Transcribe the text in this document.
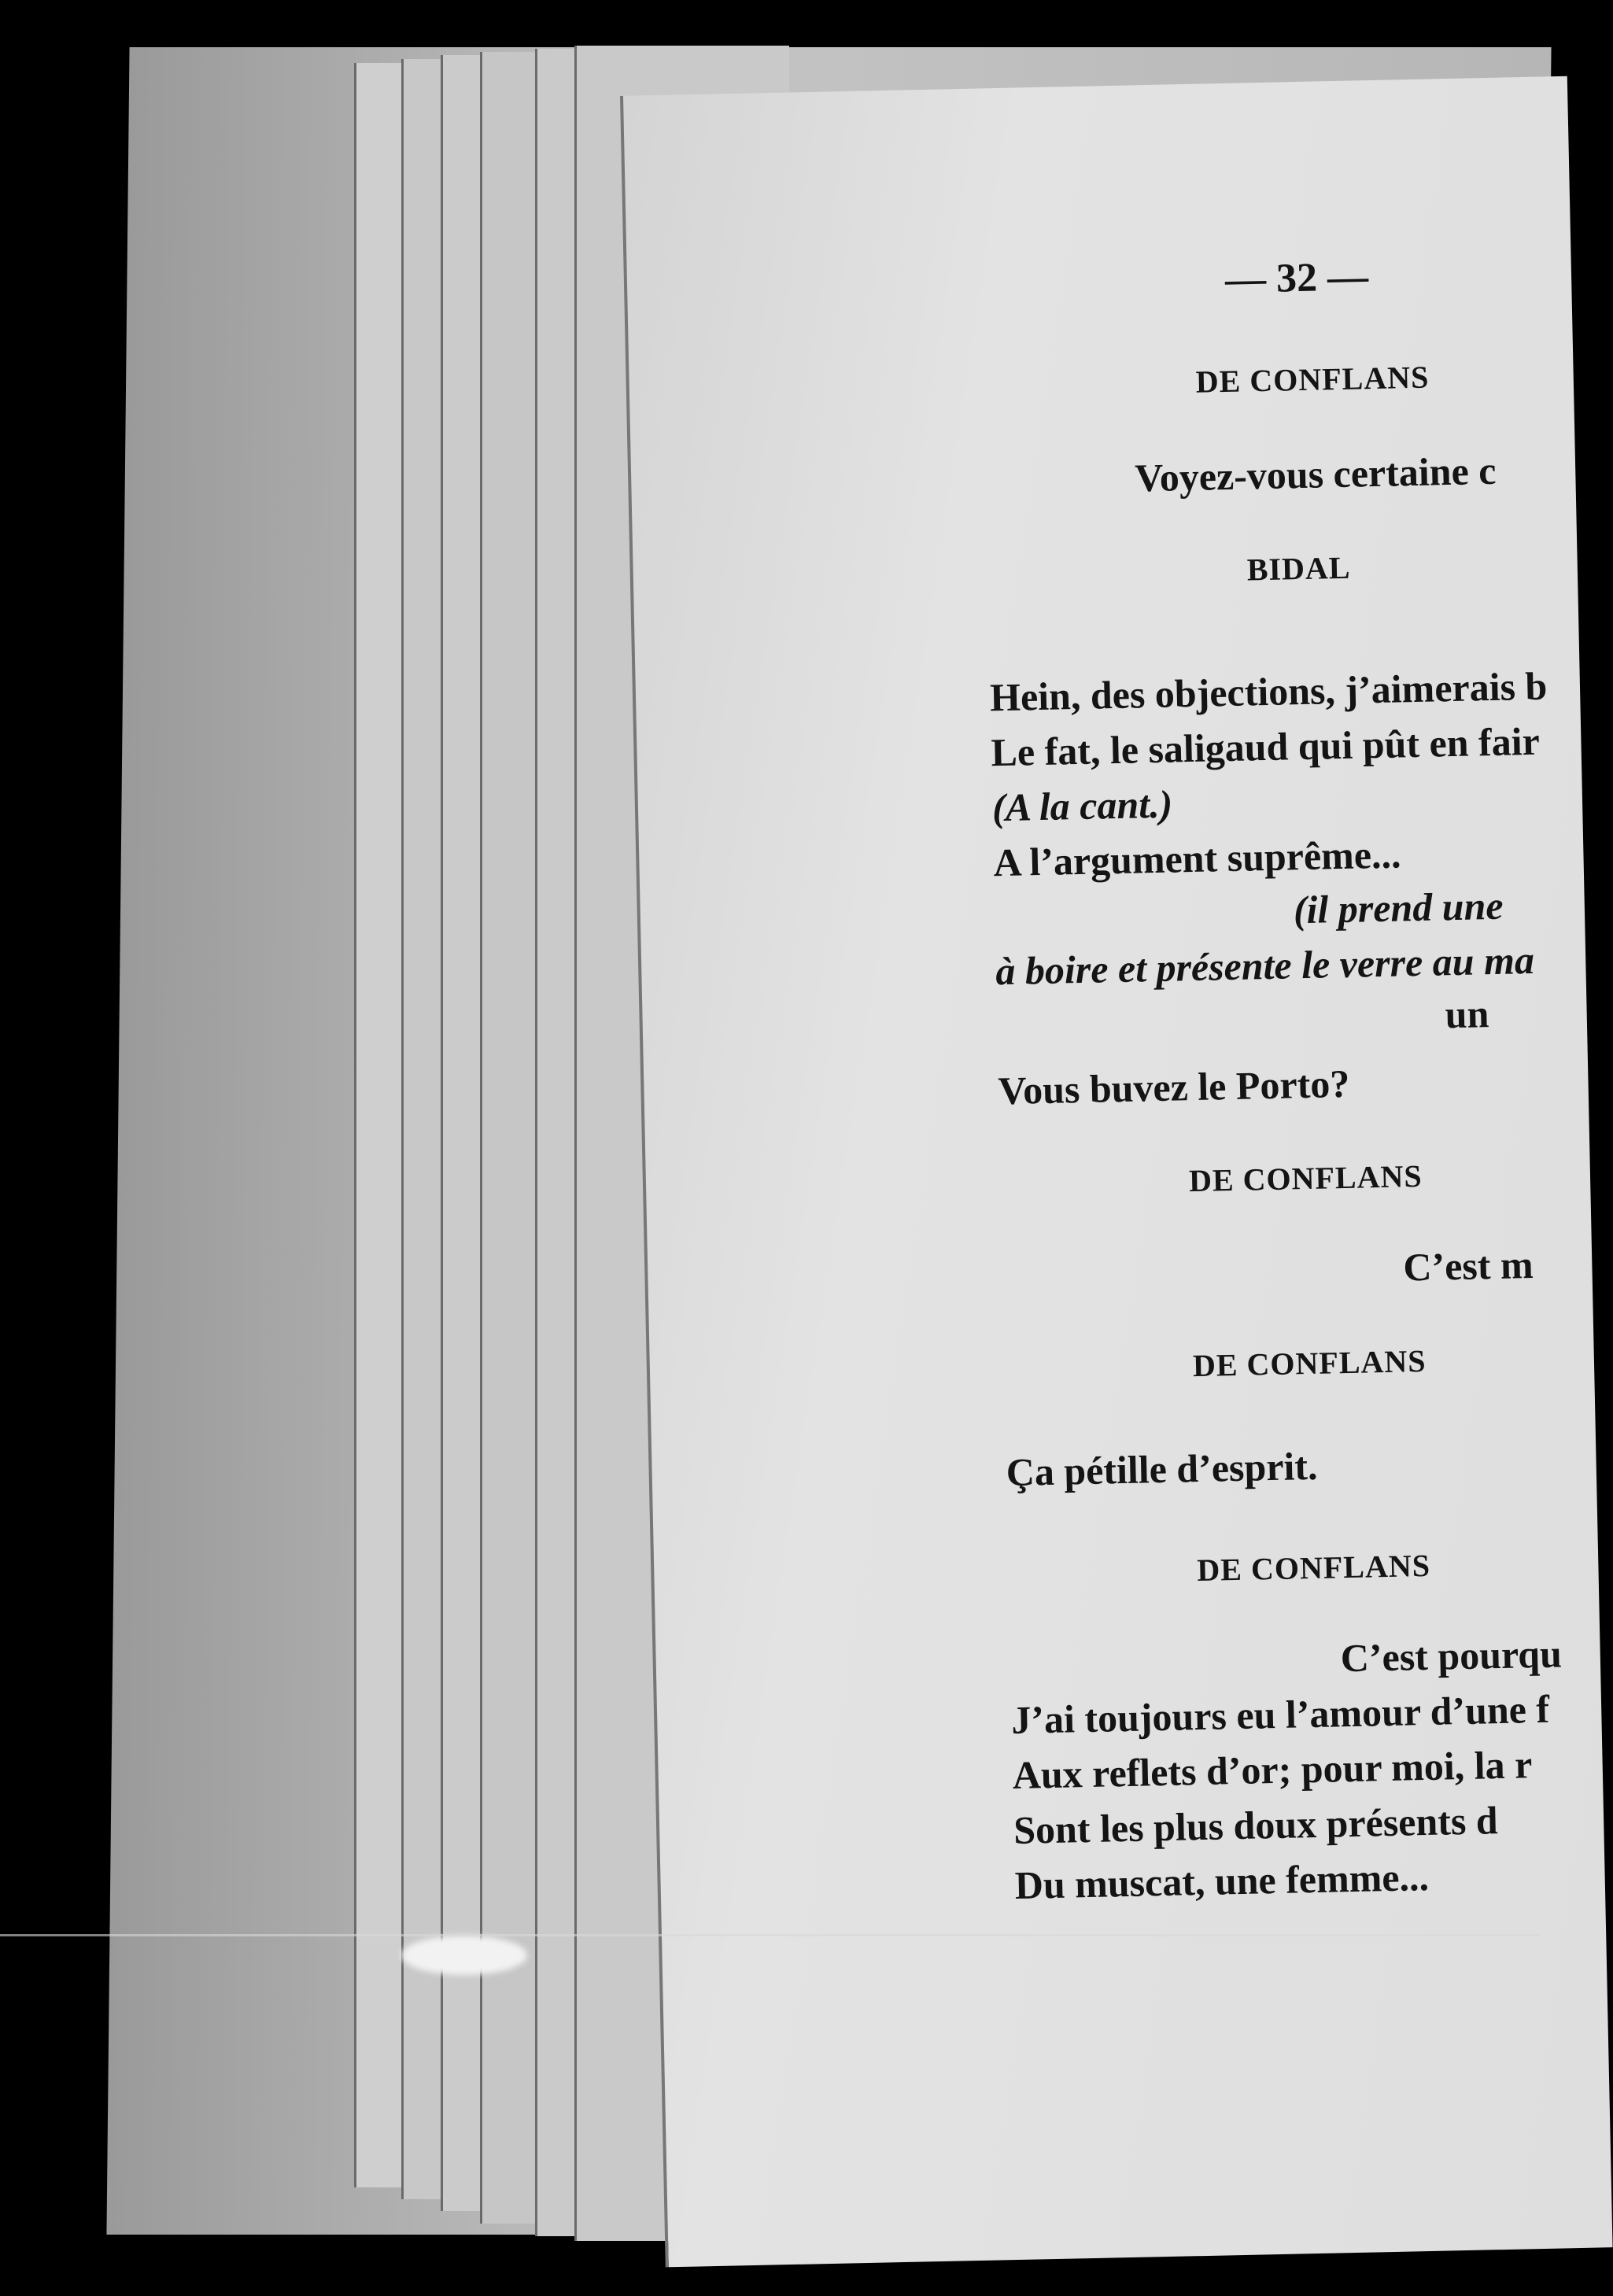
— 32 —
DE CONFLANS
Voyez-vous certaine c
BIDAL
Hein, des objections, j’aimerais b
Le fat, le saligaud qui pût en fair
(A la cant.)
A l’argument suprême...
(il prend une
à boire et présente le verre au ma
un
Vous buvez le Porto?
DE CONFLANS
C’est m
DE CONFLANS
Ça pétille d’esprit.
DE CONFLANS
C’est pourqu
J’ai toujours eu l’amour d’une f
Aux reflets d’or; pour moi, la r
Sont les plus doux présents d
Du muscat, une femme...
